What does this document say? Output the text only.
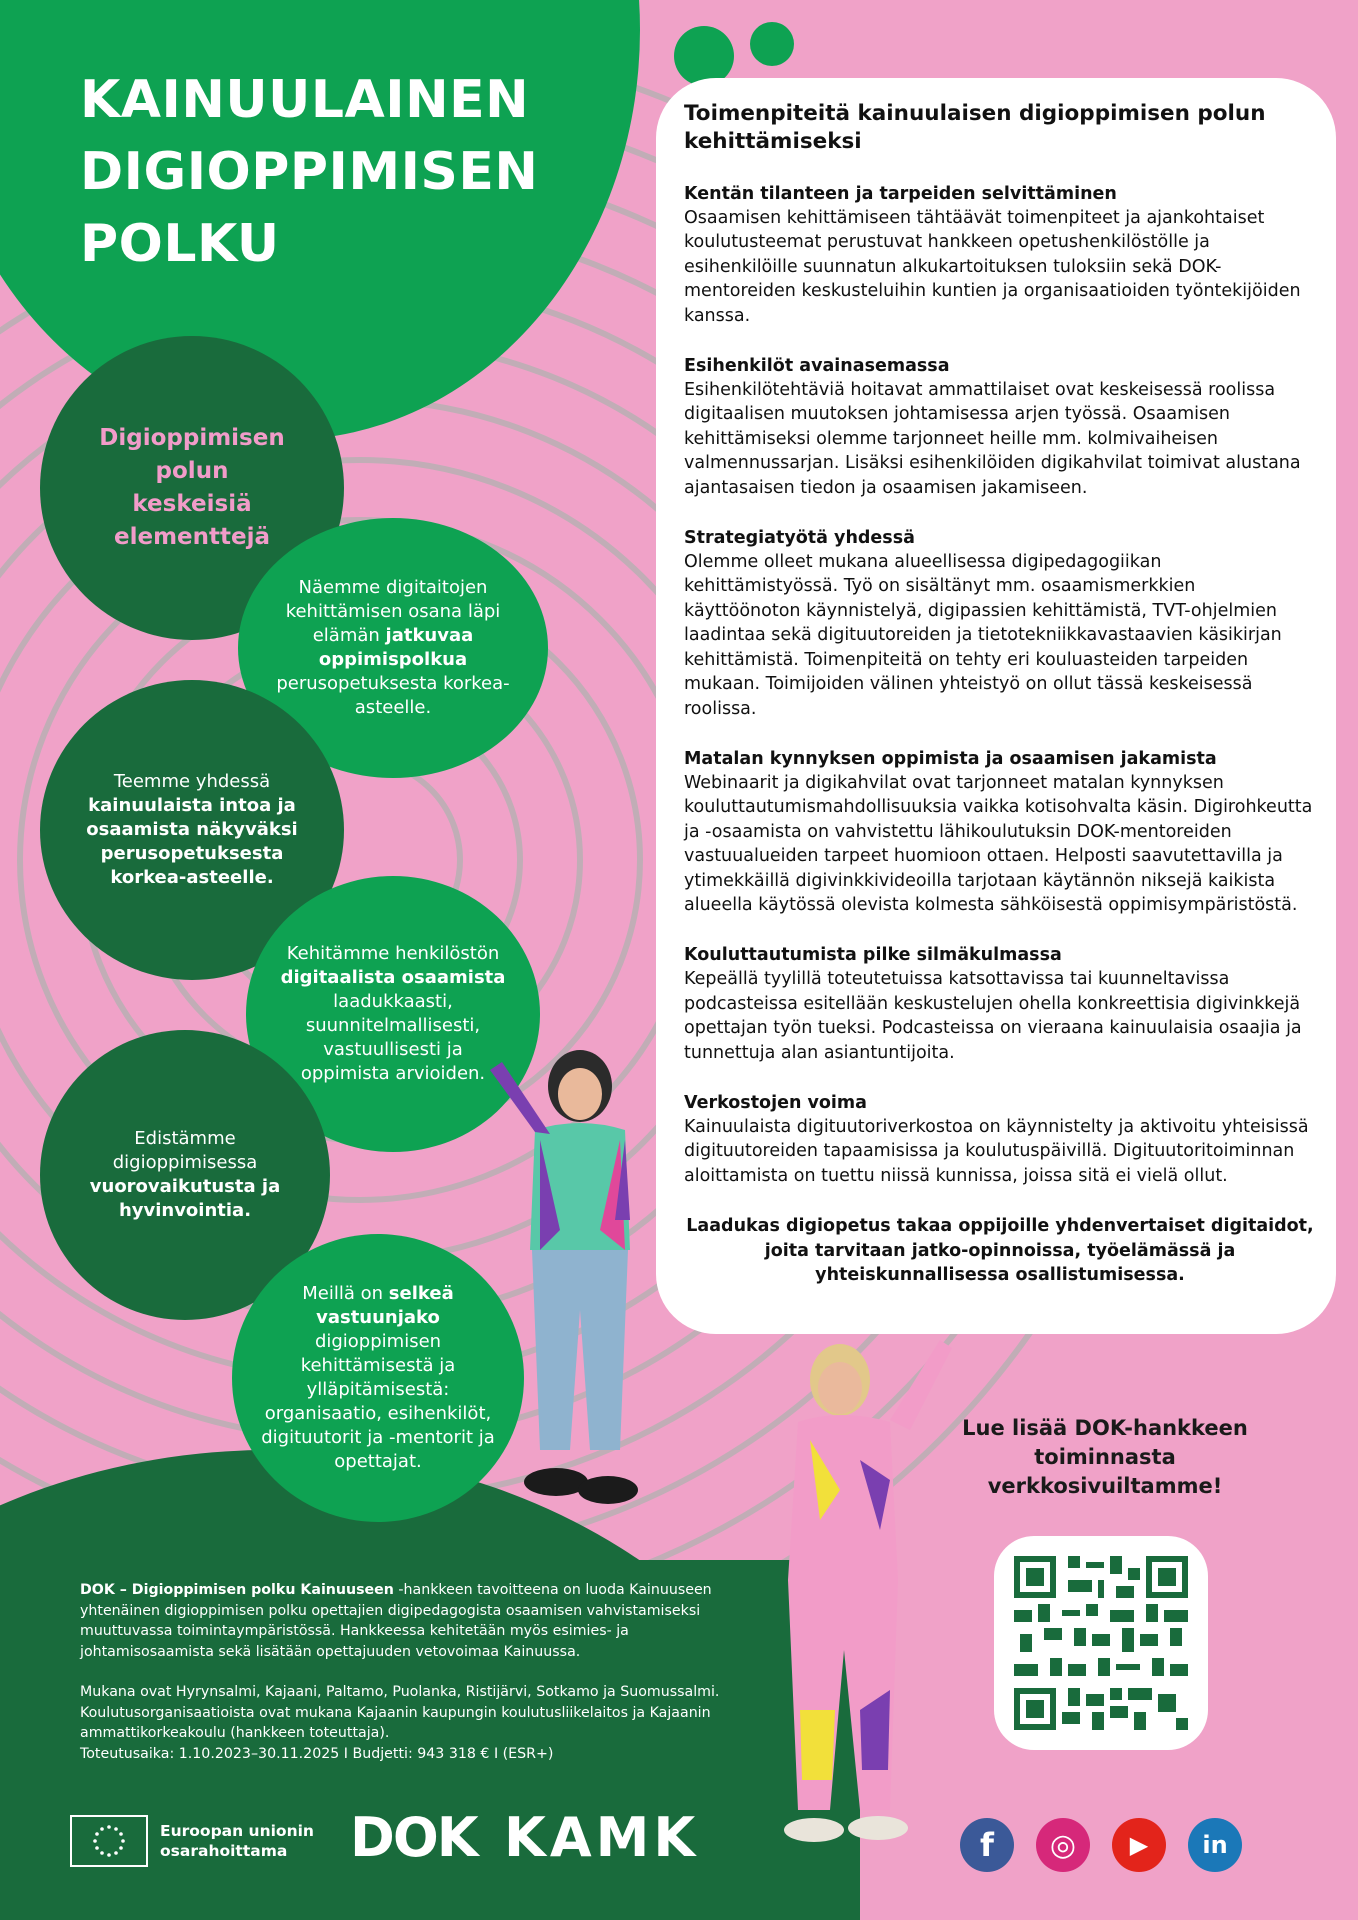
KAINUULAINEN
DIGIOPPIMISEN
POLKU
Digioppimisen polun keskeisiä elementtejä
Näemme digitaitojen kehittämisen osana läpi elämän jatkuvaa oppimispolkua perusopetuksesta korkea-asteelle.
Teemme yhdessä kainuulaista intoa ja osaamista näkyväksi perusopetuksesta korkea-asteelle.
Kehitämme henkilöstön digitaalista osaamista laadukkaasti, suunnitelmallisesti, vastuullisesti ja oppimista arvioiden.
Edistämme digioppimisessa vuorovaikutusta ja hyvinvointia.
Meillä on selkeä vastuunjako digioppimisen kehittämisestä ja ylläpitämisestä: organisaatio, esihenkilöt, digituutorit ja -mentorit ja opettajat.
Toimenpiteitä kainuulaisen digioppimisen polun kehittämiseksi
Kentän tilanteen ja tarpeiden selvittäminen

Osaamisen kehittämiseen tähtäävät toimenpiteet ja ajankohtaiset koulutusteemat perustuvat hankkeen opetushenkilöstölle ja esihenkilöille suunnatun alkukartoituksen tuloksiin sekä DOK-mentoreiden keskusteluihin kuntien ja organisaatioiden työntekijöiden kanssa.

Esihenkilöt avainasemassa

Esihenkilötehtäviä hoitavat ammattilaiset ovat keskeisessä roolissa digitaalisen muutoksen johtamisessa arjen työssä. Osaamisen kehittämiseksi olemme tarjonneet heille mm. kolmivaiheisen valmennussarjan. Lisäksi esihenkilöiden digikahvilat toimivat alustana ajantasaisen tiedon ja osaamisen jakamiseen.

Strategiatyötä yhdessä

Olemme olleet mukana alueellisessa digipedagogiikan kehittämistyössä. Työ on sisältänyt mm. osaamismerkkien käyttöönoton käynnistelyä, digipassien kehittämistä, TVT-ohjelmien laadintaa sekä digituutoreiden ja tietotekniikkavastaavien käsikirjan kehittämistä. Toimenpiteitä on tehty eri kouluasteiden tarpeiden mukaan. Toimijoiden välinen yhteistyö on ollut tässä keskeisessä roolissa.

Matalan kynnyksen oppimista ja osaamisen jakamista

Webinaarit ja digikahvilat ovat tarjonneet matalan kynnyksen kouluttautumismahdollisuuksia vaikka kotisohvalta käsin. Digirohkeutta ja -osaamista on vahvistettu lähikoulutuksin DOK-mentoreiden vastuualueiden tarpeet huomioon ottaen. Helposti saavutettavilla ja ytimekkäillä digivinkkivideoilla tarjotaan käytännön niksejä kaikista alueella käytössä olevista kolmesta sähköisestä oppimisympäristöstä.

Kouluttautumista pilke silmäkulmassa

Kepeällä tyylillä toteutetuissa katsottavissa tai kuunneltavissa podcasteissa esitellään keskustelujen ohella konkreettisia digivinkkejä opettajan työn tueksi. Podcasteissa on vieraana kainuulaisia osaajia ja tunnettuja alan asiantuntijoita.

Verkostojen voima

Kainuulaista digituutoriverkostoa on käynnistelty ja aktivoitu yhteisissä digituutoreiden tapaamisissa ja koulutuspäivillä. Digituutoritoiminnan aloittamista on tuettu niissä kunnissa, joissa sitä ei vielä ollut.

Laadukas digiopetus takaa oppijoille yhdenvertaiset digitaidot, joita tarvitaan jatko-opinnoissa, työelämässä ja yhteiskunnallisessa osallistumisessa.
Lue lisää DOK-hankkeen toiminnasta verkkosivuiltamme!

DOK – Digioppimisen polku Kainuuseen -hankkeen tavoitteena on luoda Kainuuseen yhtenäinen digioppimisen polku opettajien digipedagogista osaamisen vahvistamiseksi muuttuvassa toimintaympäristössä. Hankkeessa kehitetään myös esimies- ja johtamisosaamista sekä lisätään opettajuuden vetovoimaa Kainuussa.

Mukana ovat Hyrynsalmi, Kajaani, Paltamo, Puolanka, Ristijärvi, Sotkamo ja Suomussalmi. Koulutusorganisaatioista ovat mukana Kajaanin kaupungin koulutusliikelaitos ja Kajaanin ammattikorkeakoulu (hankkeen toteuttaja).
Toteutusaika: 1.10.2023–30.11.2025 I Budjetti: 943 318 € I (ESR+)

Euroopan unionin
osarahoittama	DOK KAMK	f ◎ ▶ in
